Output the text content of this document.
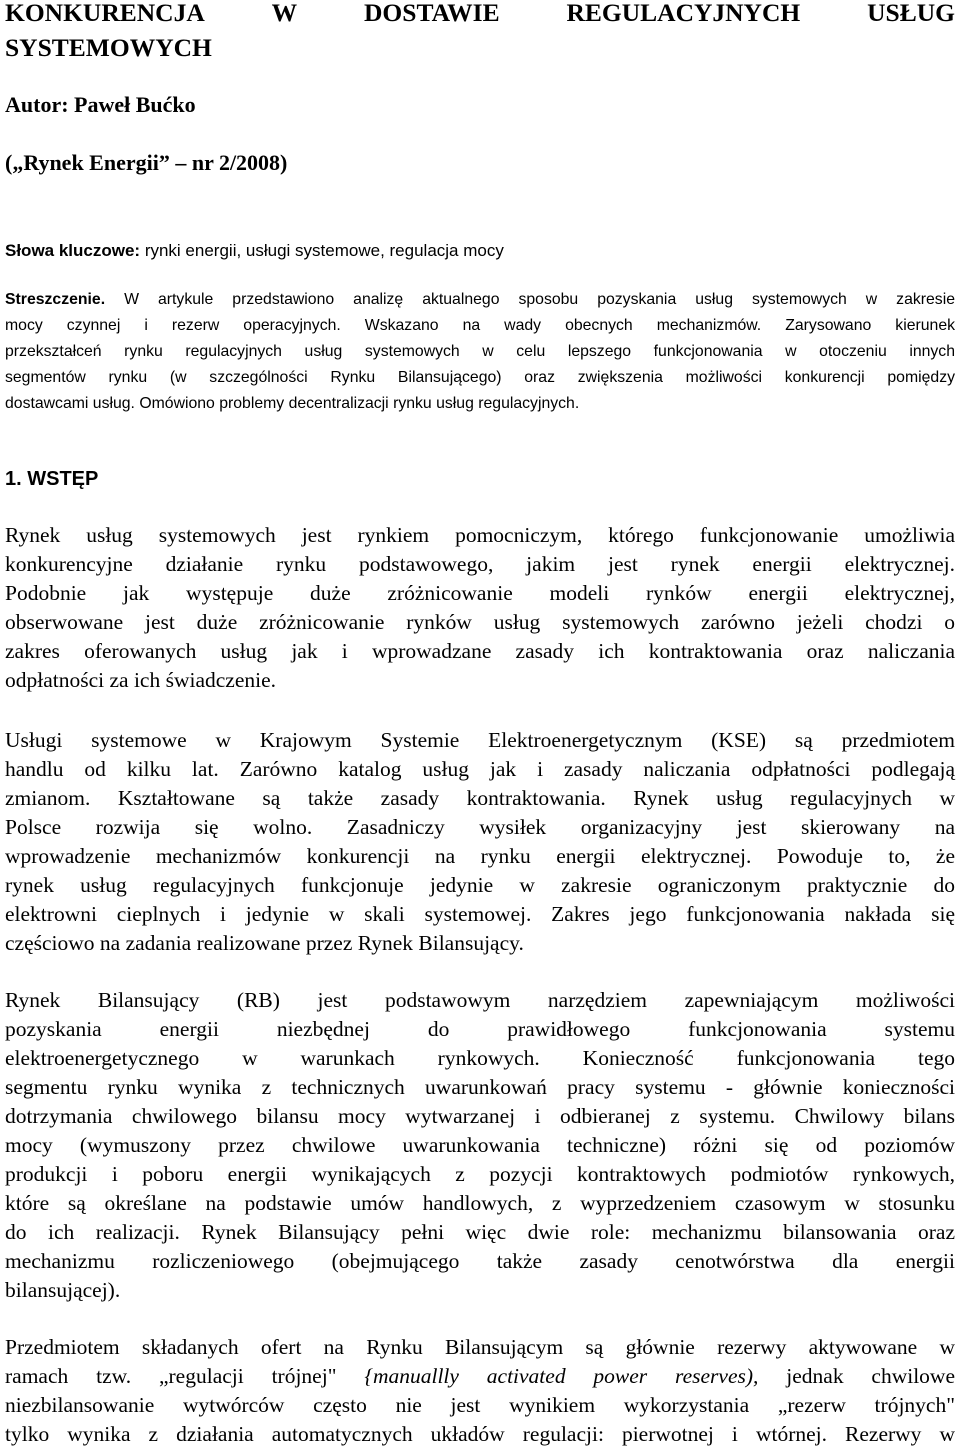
KONKURENCJA	W	DOSTAWIE	REGULACYJNYCH	USŁUG
SYSTEMOWYCH

Autor: Paweł Bućko

(„Rynek Energii” – nr 2/2008)

Słowa kluczowe: rynki energii, usługi systemowe, regulacja mocy

Streszczenie. W artykule przedstawiono analizę aktualnego sposobu pozyskania usług systemowych w zakresie
mocy czynnej i rezerw operacyjnych. Wskazano na wady obecnych mechanizmów. Zarysowano kierunek
przekształceń rynku regulacyjnych usług systemowych w celu lepszego funkcjonowania w otoczeniu innych
segmentów rynku (w szczególności Rynku Bilansującego) oraz zwiększenia możliwości konkurencji pomiędzy
dostawcami usług. Omówiono problemy decentralizacji rynku usług regulacyjnych.
1. WSTĘP
Rynek usług systemowych jest rynkiem pomocniczym, którego funkcjonowanie umożliwia
konkurencyjne działanie rynku podstawowego, jakim jest rynek energii elektrycznej.
Podobnie jak występuje duże zróżnicowanie modeli rynków energii elektrycznej,
obserwowane jest duże zróżnicowanie rynków usług systemowych zarówno jeżeli chodzi o
zakres oferowanych usług jak i wprowadzane zasady ich kontraktowania oraz naliczania
odpłatności za ich świadczenie.
Usługi systemowe w Krajowym Systemie Elektroenergetycznym (KSE) są przedmiotem
handlu od kilku lat. Zarówno katalog usług jak i zasady naliczania odpłatności podlegają
zmianom. Kształtowane są także zasady kontraktowania. Rynek usług regulacyjnych w
Polsce rozwija się wolno. Zasadniczy wysiłek organizacyjny jest skierowany na
wprowadzenie mechanizmów konkurencji na rynku energii elektrycznej. Powoduje to, że
rynek usług regulacyjnych funkcjonuje jedynie w zakresie ograniczonym praktycznie do
elektrowni cieplnych i jedynie w skali systemowej. Zakres jego funkcjonowania nakłada się
częściowo na zadania realizowane przez Rynek Bilansujący.
Rynek Bilansujący (RB) jest podstawowym narzędziem zapewniającym możliwości
pozyskania energii niezbędnej do prawidłowego funkcjonowania systemu
elektroenergetycznego w warunkach rynkowych. Konieczność funkcjonowania tego
segmentu rynku wynika z technicznych uwarunkowań pracy systemu - głównie konieczności
dotrzymania chwilowego bilansu mocy wytwarzanej i odbieranej z systemu. Chwilowy bilans
mocy (wymuszony przez chwilowe uwarunkowania techniczne) różni się od poziomów
produkcji i poboru energii wynikających z pozycji kontraktowych podmiotów rynkowych,
które są określane na podstawie umów handlowych, z wyprzedzeniem czasowym w stosunku
do ich realizacji. Rynek Bilansujący pełni więc dwie role: mechanizmu bilansowania oraz
mechanizmu rozliczeniowego (obejmującego także zasady cenotwórstwa dla energii
bilansującej).
Przedmiotem składanych ofert na Rynku Bilansującym są głównie rezerwy aktywowane w
ramach tzw. „regulacji trójnej" {manuallly activated power reserves), jednak chwilowe
niezbilansowanie wytwórców często nie jest wynikiem wykorzystania „rezerw trójnych"
tylko wynika z działania automatycznych układów regulacji: pierwotnej i wtórnej. Rezerwy w
